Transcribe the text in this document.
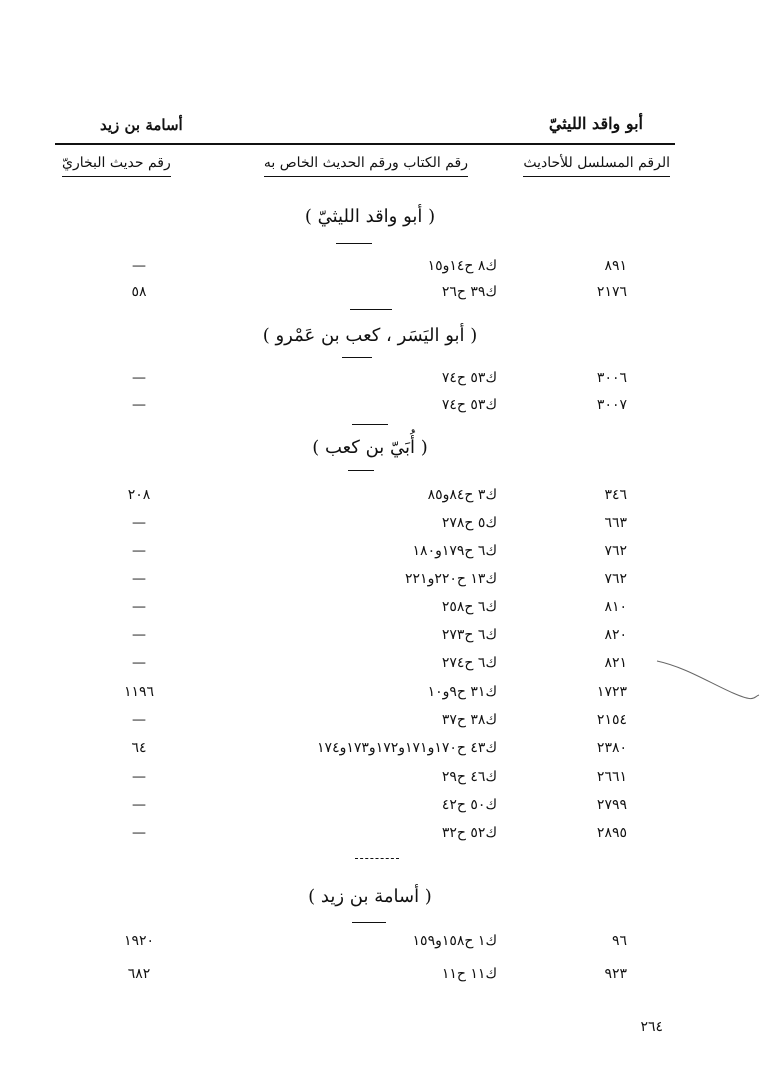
أبو واقد الليثيّ
أسامة بن زيد
الرقم المسلسل للأحاديث
رقم الكتاب ورقم الحديث الخاص به
رقم حديث البخاريّ
( أبو واقد الليثيّ )
٨٩١
ك٨ ح١٤و١٥
—
٢١٧٦
ك٣٩ ح٢٦
٥٨
( أبو اليَسَر ، كعب بن عَمْرو )
٣٠٠٦
ك٥٣ ح٧٤
—
٣٠٠٧
ك٥٣ ح٧٤
—
( أُبَيّ بن كعب )
٣٤٦
ك٣ ح٨٤و٨٥
٢٠٨
٦٦٣
ك٥ ح٢٧٨
—
٧٦٢
ك٦ ح١٧٩و١٨٠
—
٧٦٢
ك١٣ ح٢٢٠و٢٢١
—
٨١٠
ك٦ ح٢٥٨
—
٨٢٠
ك٦ ح٢٧٣
—
٨٢١
ك٦ ح٢٧٤
—
١٧٢٣
ك٣١ ح٩و١٠
١١٩٦
٢١٥٤
ك٣٨ ح٣٧
—
٢٣٨٠
ك٤٣ ح١٧٠و١٧١و١٧٢و١٧٣و١٧٤
٦٤
٢٦٦١
ك٤٦ ح٢٩
—
٢٧٩٩
ك٥٠ ح٤٢
—
٢٨٩٥
ك٥٢ ح٣٢
—
( أسامة بن زيد )
٩٦
ك١ ح١٥٨و١٥٩
١٩٢٠
٩٢٣
ك١١ ح١١
٦٨٢
٢٦٤
